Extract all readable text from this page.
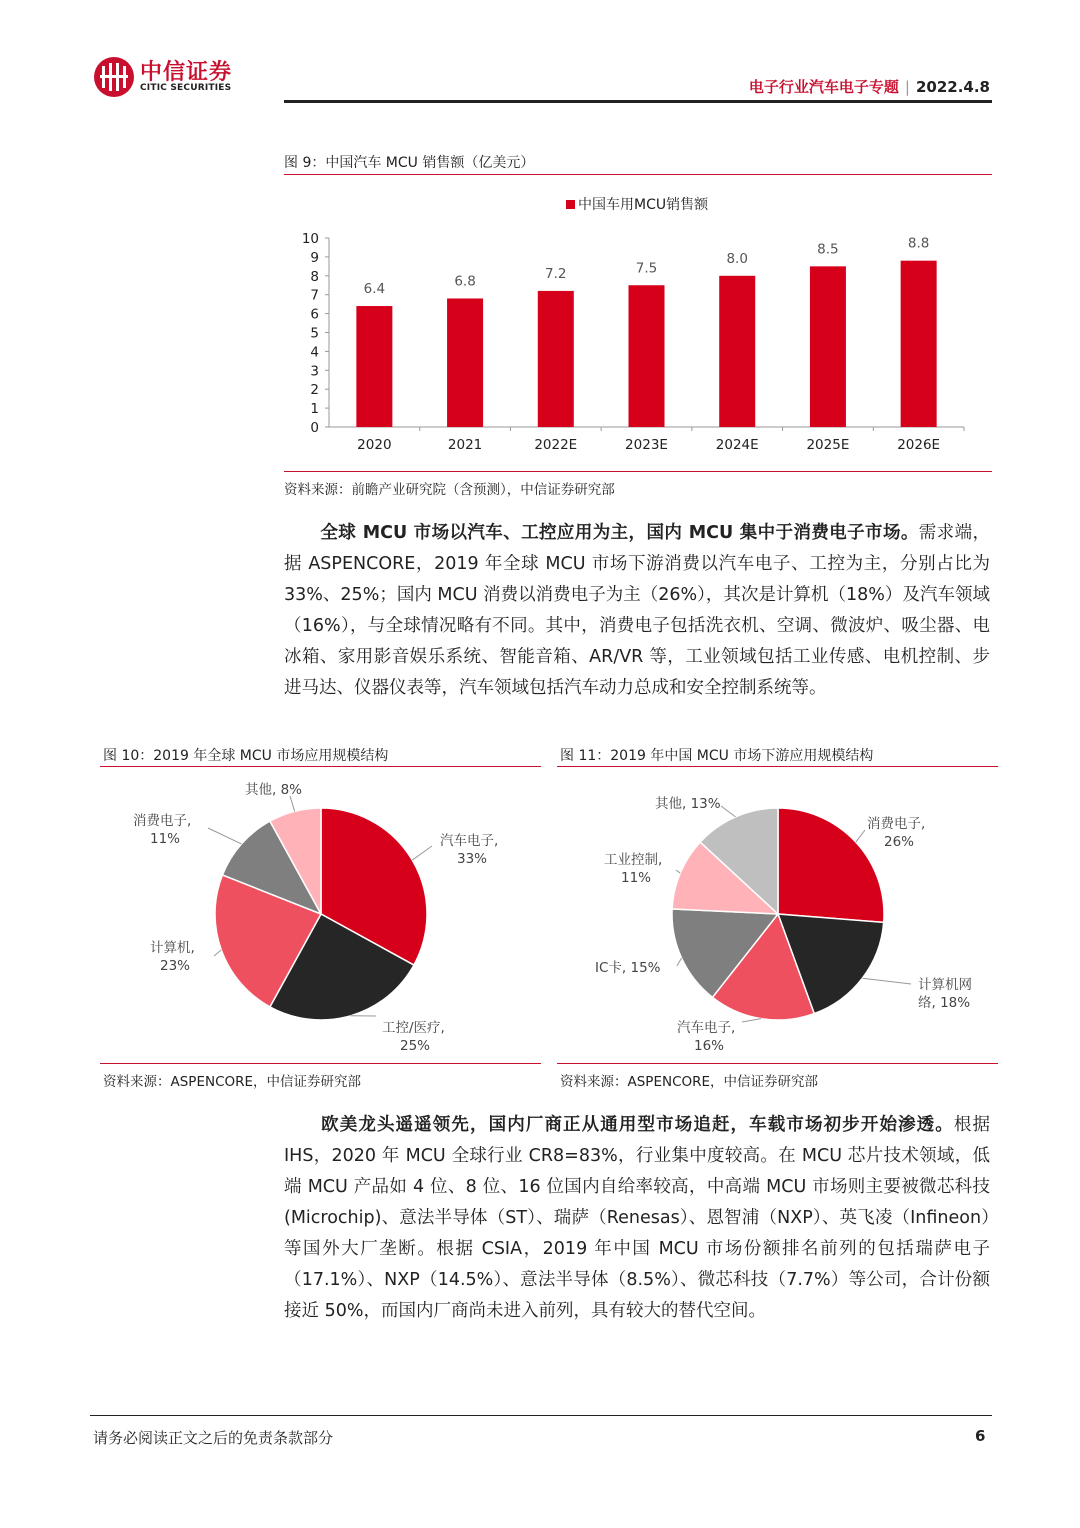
中信证券
CITIC SECURITIES	电子行业汽车电子专题 | 2022.4.8
图 9：中国汽车 MCU 销售额（亿美元）
中国车用MCU销售额
0
1
2
3
4
5
6
7
8
9
10
6.4
2020
6.8
2021
7.2
2022E
7.5
2023E
8.0
2024E
8.5
2025E
8.8
2026E
资料来源：前瞻产业研究院（含预测），中信证券研究部
全球 MCU 市场以汽车、工控应用为主，国内 MCU 集中于消费电子市场。需求端，据 ASPENCORE，2019 年全球 MCU 市场下游消费以汽车电子、工控为主，分别占比为 33%、25%；国内 MCU 消费以消费电子为主（26%），其次是计算机（18%）及汽车领域（16%），与全球情况略有不同。其中，消费电子包括洗衣机、空调、微波炉、吸尘器、电冰箱、家用影音娱乐系统、智能音箱、AR/VR 等，工业领域包括工业传感、电机控制、步进马达、仪器仪表等，汽车领域包括汽车动力总成和安全控制系统等。
图 10：2019 年全球 MCU 市场应用规模结构
汽车电子,
33%
工控/医疗,
25%
计算机,
23%
消费电子,
11%
其他, 8%
资料来源：ASPENCORE，中信证券研究部
图 11：2019 年中国 MCU 市场下游应用规模结构
消费电子,
26%
计算机网
络, 18%
汽车电子,
16%
IC卡, 15%
工业控制,
11%
其他, 13%
资料来源：ASPENCORE，中信证券研究部
欧美龙头遥遥领先，国内厂商正从通用型市场追赶，车载市场初步开始渗透。根据 IHS，2020 年 MCU 全球行业 CR8=83%，行业集中度较高。在 MCU 芯片技术领域，低端 MCU 产品如 4 位、8 位、16 位国内自给率较高，中高端 MCU 市场则主要被微芯科技(Microchip)、意法半导体（ST）、瑞萨（Renesas）、恩智浦（NXP）、英飞凌（Infineon）等国外大厂垄断。根据 CSIA，2019 年中国 MCU 市场份额排名前列的包括瑞萨电子（17.1%）、NXP（14.5%）、意法半导体（8.5%）、微芯科技（7.7%）等公司，合计份额接近 50%，而国内厂商尚未进入前列，具有较大的替代空间。
请务必阅读正文之后的免责条款部分	6
